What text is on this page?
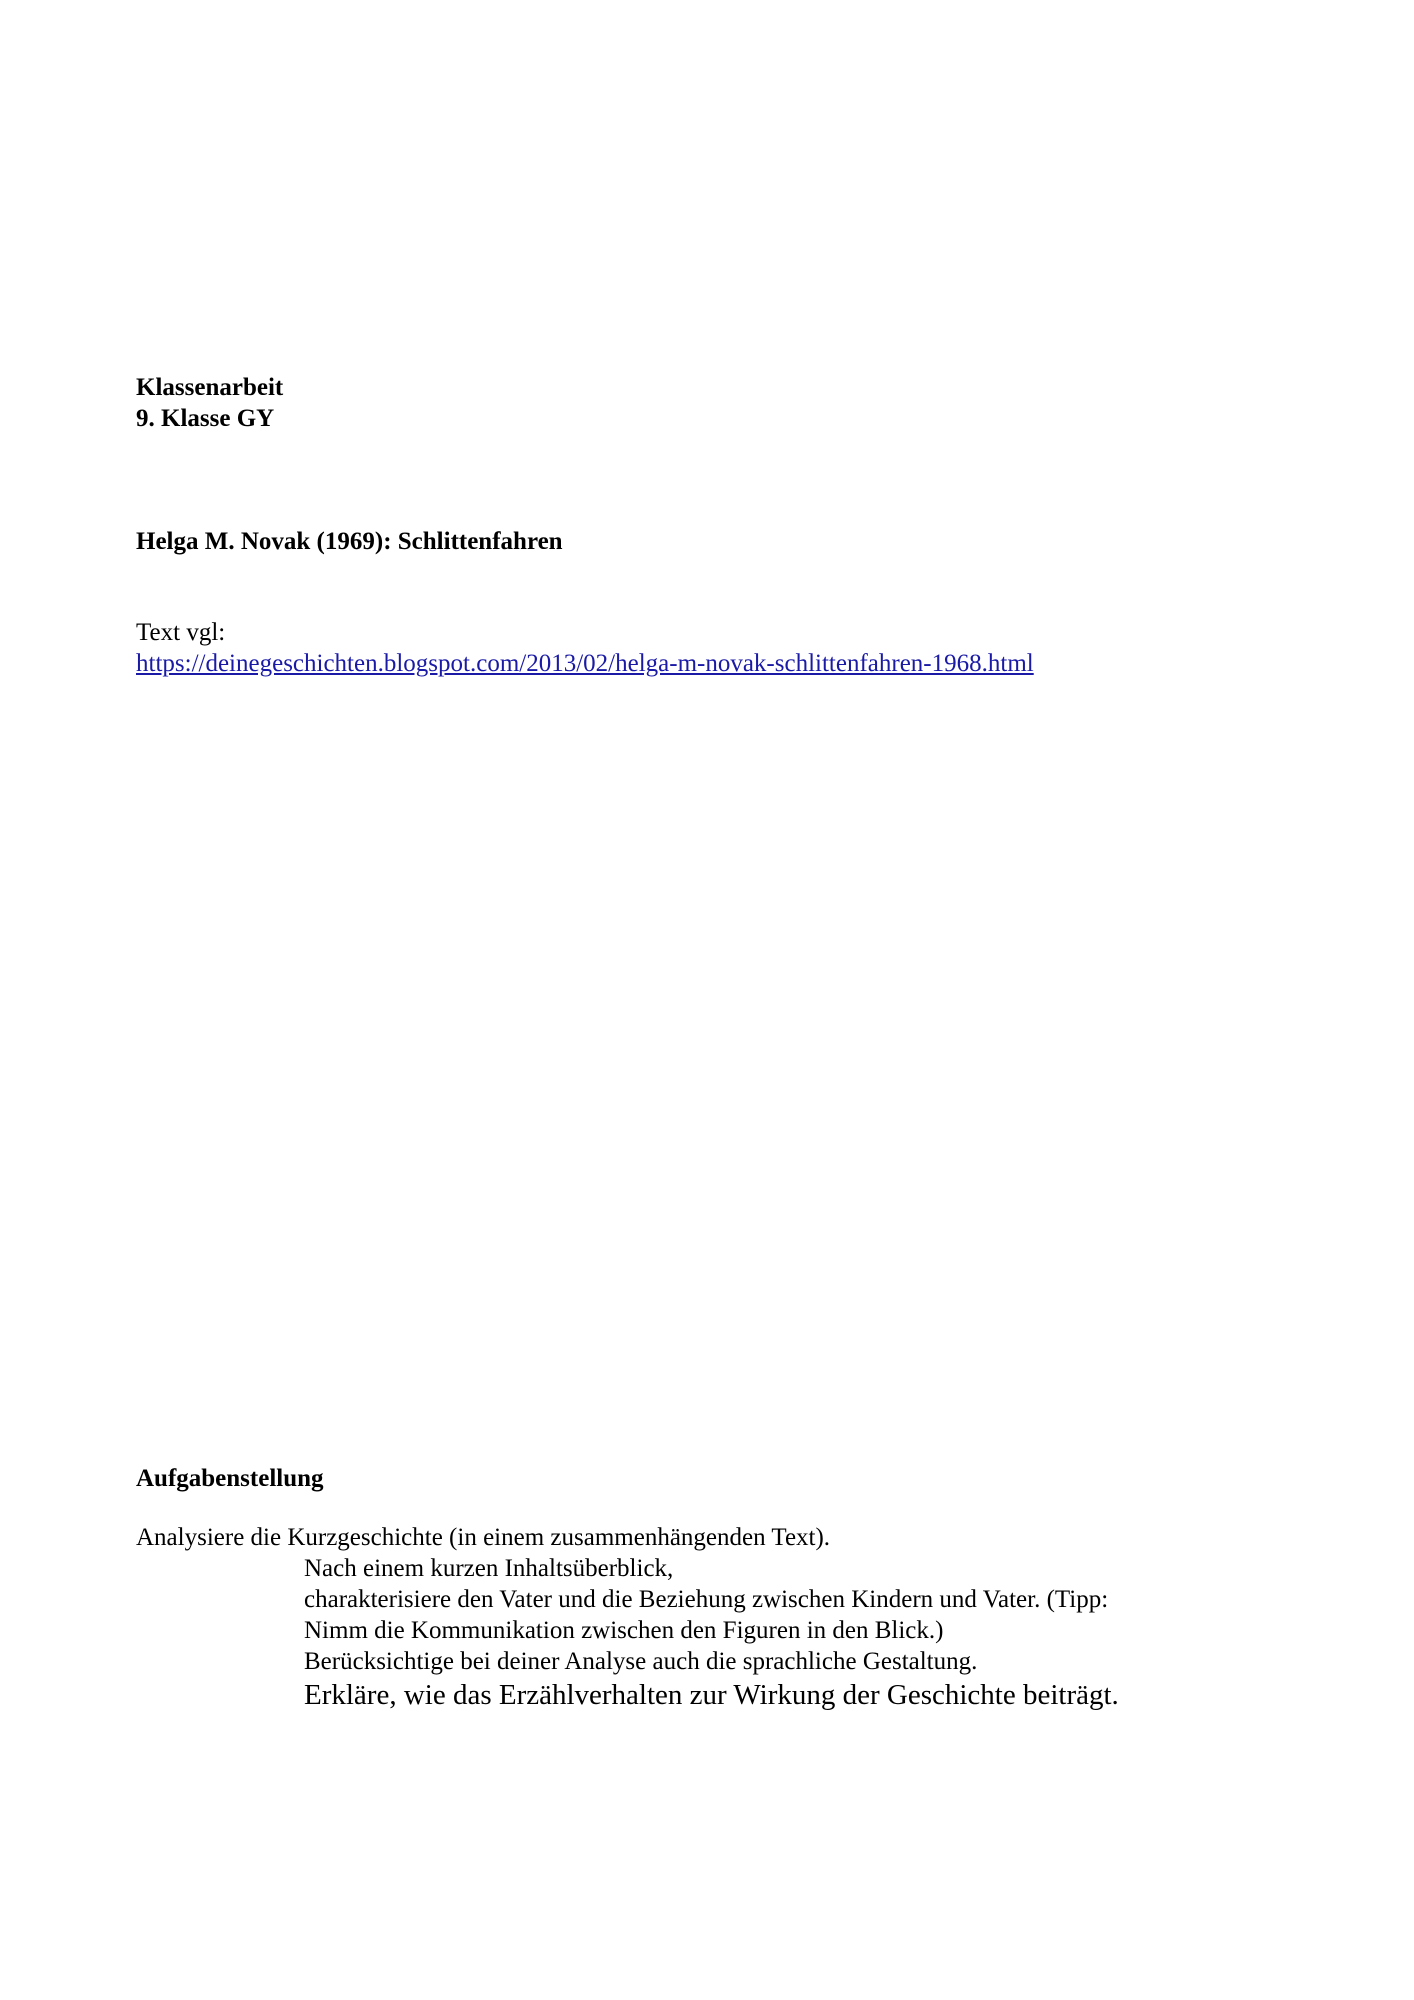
Klassenarbeit
9. Klasse GY
Helga M. Novak (1969): Schlittenfahren
Text vgl:
https://deinegeschichten.blogspot.com/2013/02/helga-m-novak-schlittenfahren-1968.html
Aufgabenstellung
Analysiere die Kurzgeschichte (in einem zusammenhängenden Text).
Nach einem kurzen Inhaltsüberblick,
charakterisiere den Vater und die Beziehung zwischen Kindern und Vater. (Tipp:
Nimm die Kommunikation zwischen den Figuren in den Blick.)
Berücksichtige bei deiner Analyse auch die sprachliche Gestaltung.
Erkläre, wie das Erzählverhalten zur Wirkung der Geschichte beiträgt.
